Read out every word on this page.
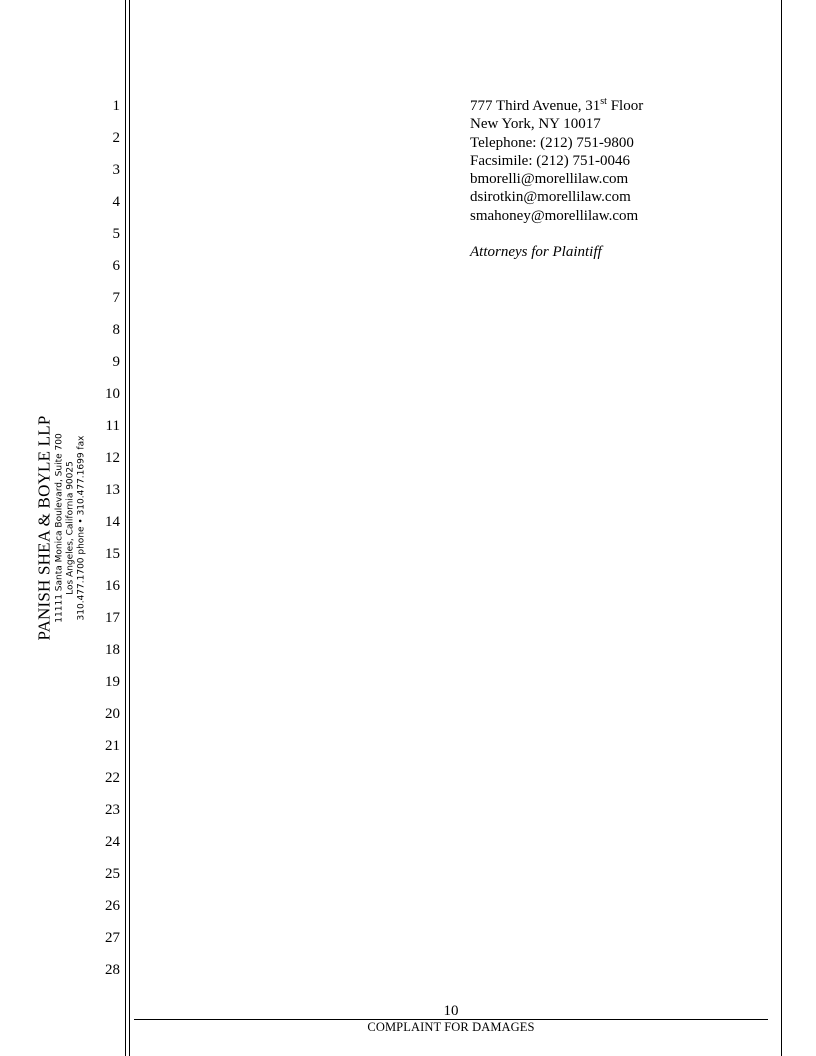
1
2
3
4
5
6
7
8
9
10
11
12
13
14
15
16
17
18
19
20
21
22
23
24
25
26
27
28
PANISH SHEA & BOYLE LLP 11111 Santa Monica Boulevard, Suite 700 Los Angeles, California 90025 310.477.1700 phone • 310.477.1699 fax
777 Third Avenue, 31st Floor
New York, NY 10017
Telephone: (212) 751-9800
Facsimile: (212) 751-0046
bmorelli@morellilaw.com
dsirotkin@morellilaw.com
smahoney@morellilaw.com
Attorneys for Plaintiff
10
COMPLAINT FOR DAMAGES
